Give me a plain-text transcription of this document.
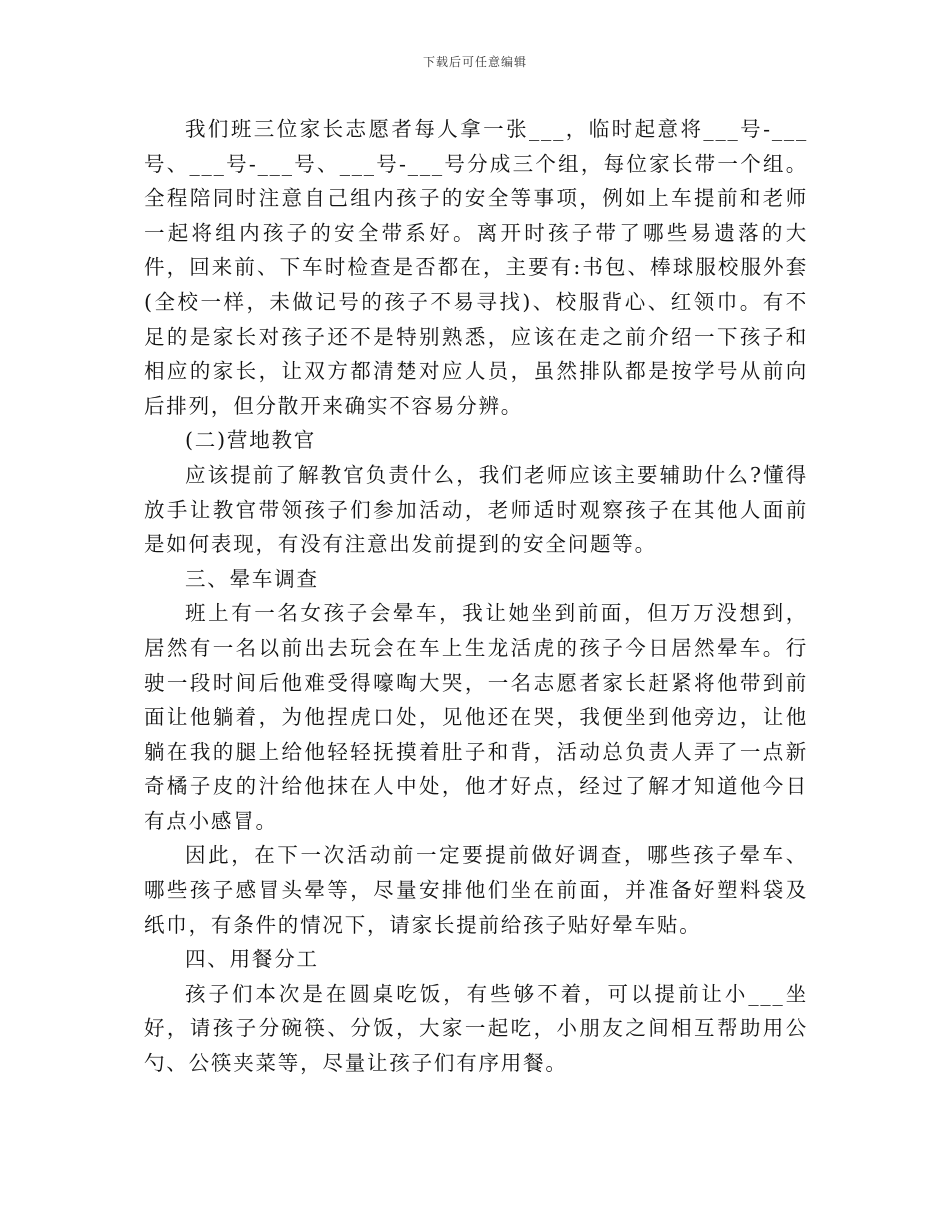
下载后可任意编辑

我们班三位家长志愿者每人拿一张___，临时起意将___号-___号、___号-___号、___号-___号分成三个组，每位家长带一个组。全程陪同时注意自己组内孩子的安全等事项，例如上车提前和老师一起将组内孩子的安全带系好。离开时孩子带了哪些易遗落的大件，回来前、下车时检查是否都在，主要有:书包、棒球服校服外套(全校一样，未做记号的孩子不易寻找)、校服背心、红领巾。有不足的是家长对孩子还不是特别熟悉，应该在走之前介绍一下孩子和相应的家长，让双方都清楚对应人员，虽然排队都是按学号从前向后排列，但分散开来确实不容易分辨。

(二)营地教官

应该提前了解教官负责什么，我们老师应该主要辅助什么?懂得放手让教官带领孩子们参加活动，老师适时观察孩子在其他人面前是如何表现，有没有注意出发前提到的安全问题等。

三、晕车调查

班上有一名女孩子会晕车，我让她坐到前面，但万万没想到，居然有一名以前出去玩会在车上生龙活虎的孩子今日居然晕车。行驶一段时间后他难受得嚎啕大哭，一名志愿者家长赶紧将他带到前面让他躺着，为他捏虎口处，见他还在哭，我便坐到他旁边，让他躺在我的腿上给他轻轻抚摸着肚子和背，活动总负责人弄了一点新奇橘子皮的汁给他抹在人中处，他才好点，经过了解才知道他今日有点小感冒。

因此，在下一次活动前一定要提前做好调查，哪些孩子晕车、哪些孩子感冒头晕等，尽量安排他们坐在前面，并准备好塑料袋及纸巾，有条件的情况下，请家长提前给孩子贴好晕车贴。

四、用餐分工

孩子们本次是在圆桌吃饭，有些够不着，可以提前让小___坐好，请孩子分碗筷、分饭，大家一起吃，小朋友之间相互帮助用公勺、公筷夹菜等，尽量让孩子们有序用餐。
